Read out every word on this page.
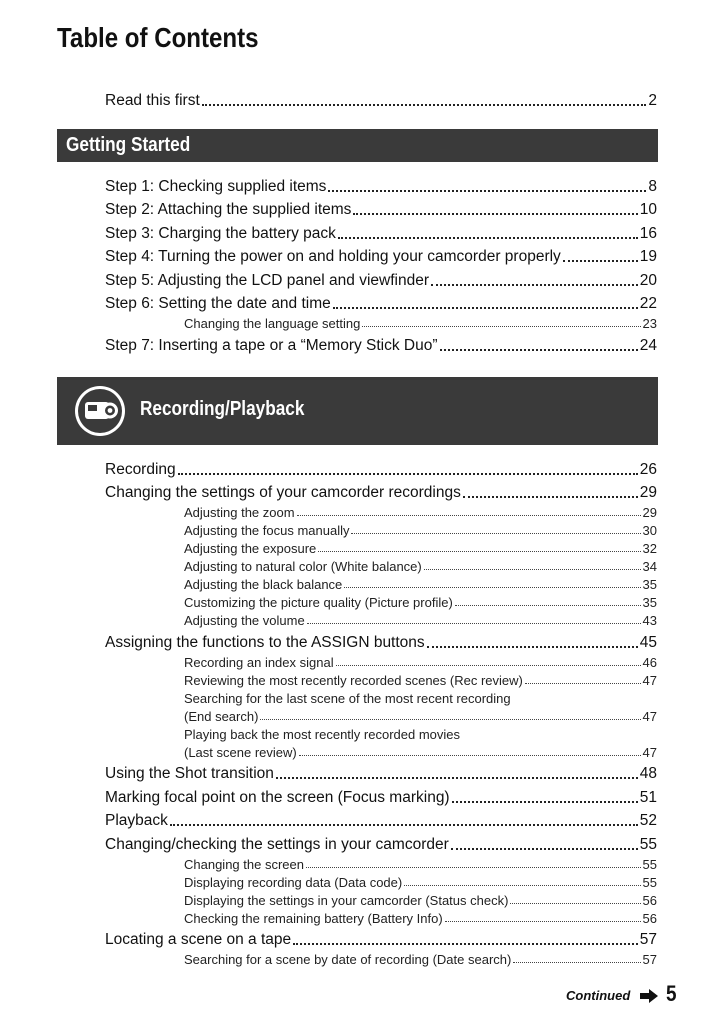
Table of Contents
Read this first	2
Getting Started
Step 1: Checking supplied items	8
Step 2: Attaching the supplied items	10
Step 3: Charging the battery pack	16
Step 4: Turning the power on and holding your camcorder properly	19
Step 5: Adjusting the LCD panel and viewfinder	20
Step 6: Setting the date and time	22
Changing the language setting	23
Step 7: Inserting a tape or a “Memory Stick Duo”	24
Recording/Playback
Recording	26
Changing the settings of your camcorder recordings	29
Adjusting the zoom	29
Adjusting the focus manually	30
Adjusting the exposure	32
Adjusting to natural color (White balance)	34
Adjusting the black balance	35
Customizing the picture quality (Picture profile)	35
Adjusting the volume	43
Assigning the functions to the ASSIGN buttons	45
Recording an index signal	46
Reviewing the most recently recorded scenes (Rec review)	47
Searching for the last scene of the most recent recording
(End search)	47
Playing back the most recently recorded movies
(Last scene review)	47
Using the Shot transition	48
Marking focal point on the screen (Focus marking)	51
Playback	52
Changing/checking the settings in your camcorder	55
Changing the screen	55
Displaying recording data (Data code)	55
Displaying the settings in your camcorder (Status check)	56
Checking the remaining battery (Battery Info)	56
Locating a scene on a tape	57
Searching for a scene by date of recording (Date search)	57
Continued 5
